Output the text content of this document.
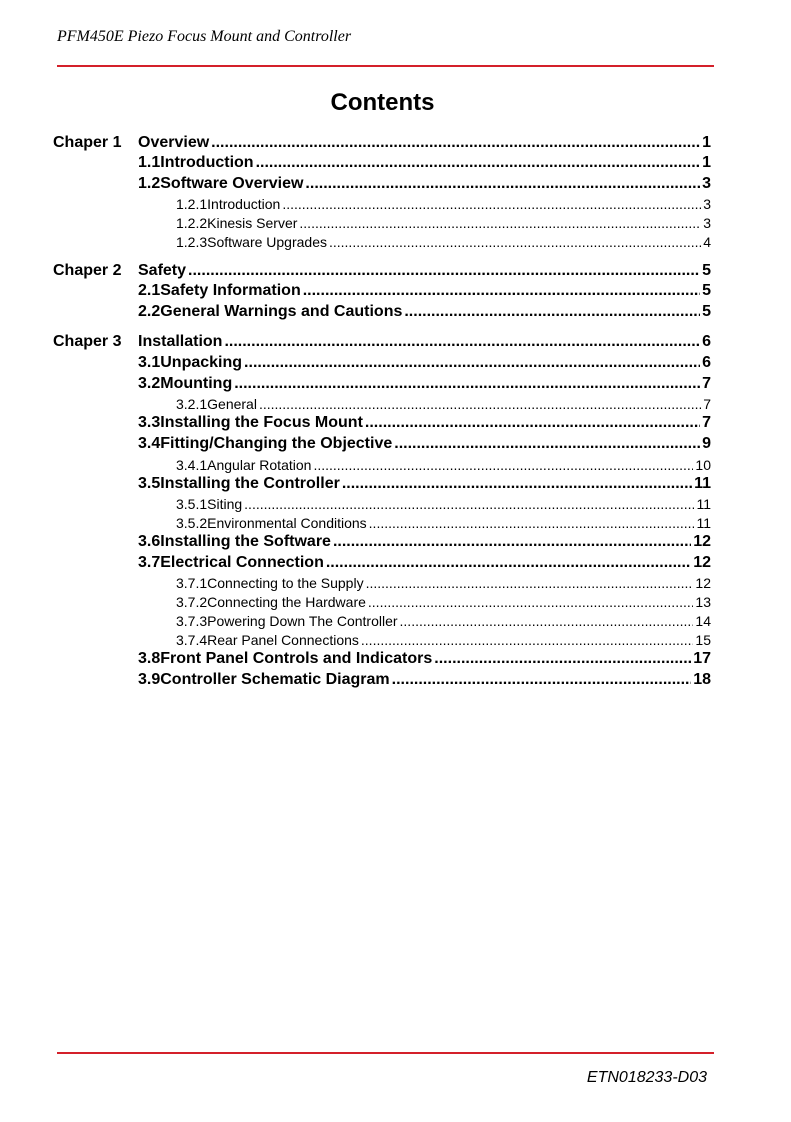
PFM450E Piezo Focus Mount and Controller
Contents
Chaper 1 Overview .....	1
1.1 Introduction .....	1
1.2 Software Overview .....	3
1.2.1 Introduction .....	3
1.2.2 Kinesis Server .....	3
1.2.3 Software Upgrades .....	4
Chaper 2 Safety .....	5
2.1 Safety Information .....	5
2.2 General Warnings and Cautions .....	5
Chaper 3 Installation .....	6
3.1 Unpacking .....	6
3.2 Mounting .....	7
3.2.1 General .....	7
3.3 Installing the Focus Mount .....	7
3.4 Fitting/Changing the Objective .....	9
3.4.1 Angular Rotation .....	10
3.5 Installing the Controller .....	11
3.5.1 Siting .....	11
3.5.2 Environmental Conditions .....	11
3.6 Installing the Software .....	12
3.7 Electrical Connection .....	12
3.7.1 Connecting to the Supply .....	12
3.7.2 Connecting the Hardware .....	13
3.7.3 Powering Down The Controller .....	14
3.7.4 Rear Panel Connections .....	15
3.8 Front Panel Controls and Indicators .....	17
3.9 Controller Schematic Diagram .....	18
ETN018233-D03
